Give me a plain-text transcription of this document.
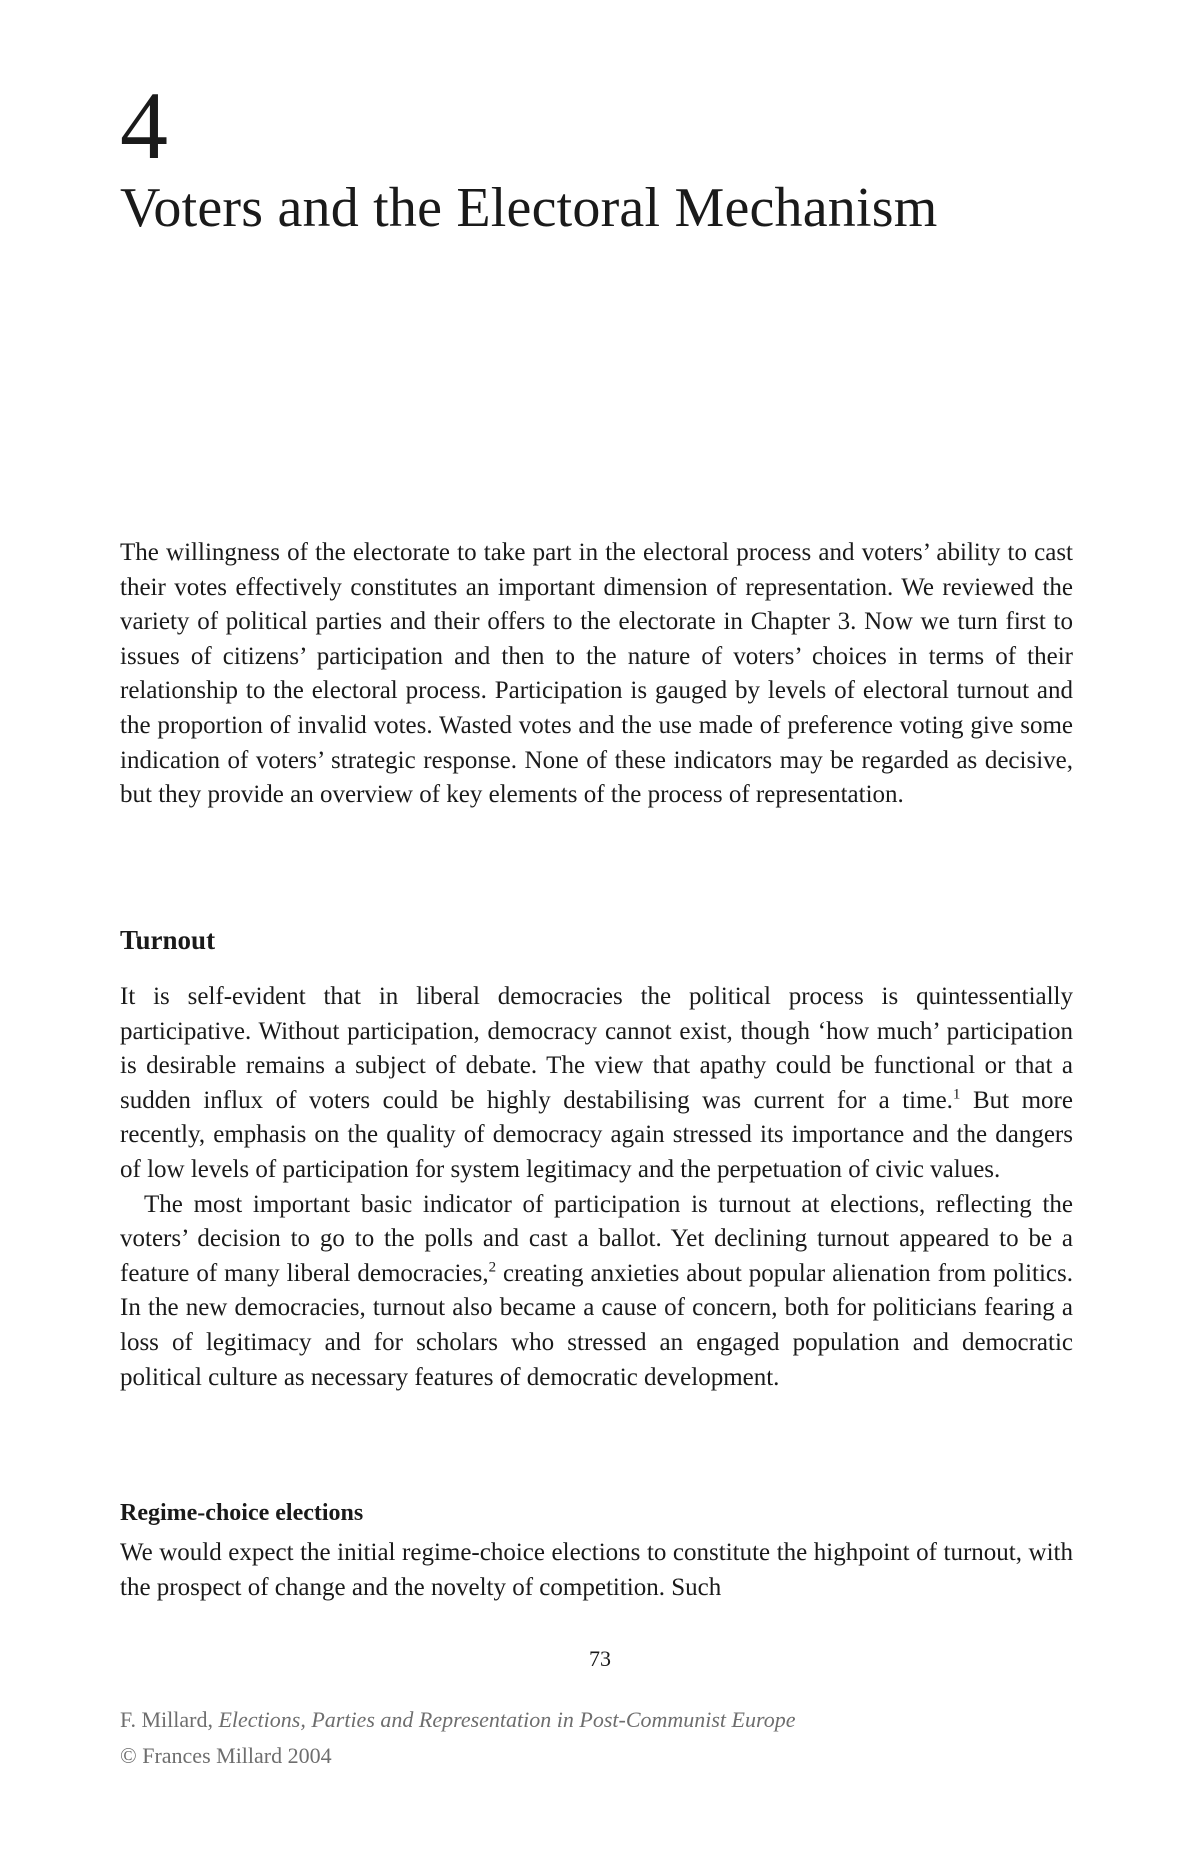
4
Voters and the Electoral Mechanism

The willingness of the electorate to take part in the electoral process and voters’ ability to cast their votes effectively constitutes an important dimension of representation. We reviewed the variety of political parties and their offers to the electorate in Chapter 3. Now we turn first to issues of citizens’ participation and then to the nature of voters’ choices in terms of their relationship to the electoral process. Participation is gauged by levels of electoral turnout and the proportion of invalid votes. Wasted votes and the use made of preference voting give some indication of voters’ strategic response. None of these indicators may be regarded as decisive, but they provide an overview of key elements of the process of representation.

Turnout

It is self-evident that in liberal democracies the political process is quintessentially participative. Without participation, democracy cannot exist, though ‘how much’ participation is desirable remains a subject of debate. The view that apathy could be functional or that a sudden influx of voters could be highly destabilising was current for a time.$^1$ But more recently, emphasis on the quality of democracy again stressed its importance and the dangers of low levels of participation for system legitimacy and the perpetuation of civic values.

The most important basic indicator of participation is turnout at elections, reflecting the voters’ decision to go to the polls and cast a ballot. Yet declining turnout appeared to be a feature of many liberal democracies,$^2$ creating anxieties about popular alienation from politics. In the new democracies, turnout also became a cause of concern, both for politicians fearing a loss of legitimacy and for scholars who stressed an engaged population and democratic political culture as necessary features of democratic development.

Regime-choice elections

We would expect the initial regime-choice elections to constitute the highpoint of turnout, with the prospect of change and the novelty of competition. Such

73
F. Millard, Elections, Parties and Representation in Post-Communist Europe
© Frances Millard 2004
